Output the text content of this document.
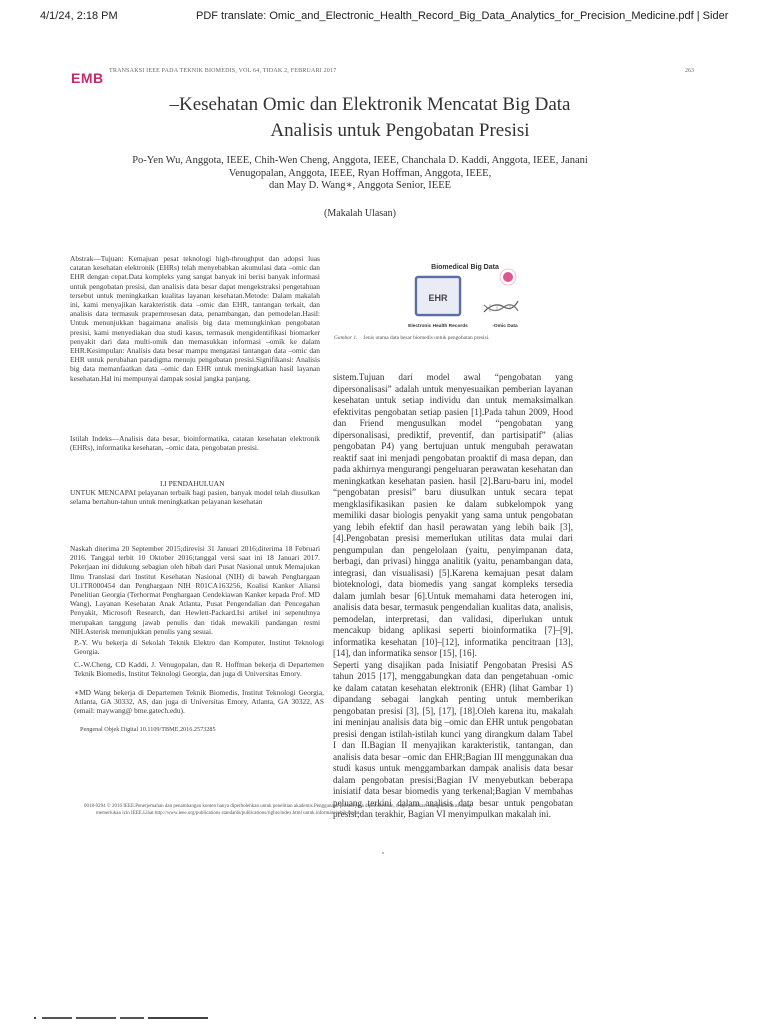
4/1/24, 2:18 PM	PDF translate: Omic_and_Electronic_Health_Record_Big_Data_Analytics_for_Precision_Medicine.pdf | Sider
EMB TRANSAKSI IEEE PADA TEKNIK BIOMEDIS, VOL 64, TIDAK 2, FEBRUARI 2017	263
–Kesehatan Omic dan Elektronik Mencatat Big Data
Analisis untuk Pengobatan Presisi
Po-Yen Wu, Anggota, IEEE, Chih-Wen Cheng, Anggota, IEEE, Chanchala D. Kaddi, Anggota, IEEE, Janani
Venugopalan, Anggota, IEEE, Ryan Hoffman, Anggota, IEEE,
dan May D. Wang∗, Anggota Senior, IEEE
(Makalah Ulasan)
Abstrak—Tujuan: Kemajuan pesat teknologi high-throughput dan adopsi luas catatan kesehatan elektronik (EHRs) telah menyebabkan akumulasi data –omic dan EHR dengan cepat.Data kompleks yang sangat banyak ini berisi banyak informasi untuk pengobatan presisi, dan analisis data besar dapat mengekstraksi pengetahuan tersebut untuk meningkatkan kualitas layanan kesehatan.Metode: Dalam makalah ini, kami menyajikan karakteristik data –omic dan EHR, tantangan terkait, dan analisis data termasuk prapemrosesan data, penambangan, dan pemodelan.Hasil: Untuk menunjukkan bagaimana analisis big data memungkinkan pengobatan presisi, kami menyediakan dua studi kasus, termasuk mengidentifikasi biomarker penyakit dari data multi-omik dan memasukkan informasi –omik ke dalam EHR.Kesimpulan: Analisis data besar mampu mengatasi tantangan data –omic dan EHR untuk perubahan paradigma menuju pengobatan presisi.Signifikansi: Analisis big data memanfaatkan data –omic dan EHR untuk meningkatkan hasil layanan kesehatan.Hal ini mempunyai dampak sosial jangka panjang.
Istilah Indeks—Analisis data besar, bioinformatika, catatan kesehatan elektronik (EHRs), informatika kesehatan, –omic data, pengobatan presisi.
I.I PENDAHULUAN
UNTUK MENCAPAI pelayanan terbaik bagi pasien, banyak model telah diusulkan selama bertahun-tahun untuk meningkatkan pelayanan kesehatan
Naskah diterima 20 September 2015;direvisi 31 Januari 2016;diterima 18 Februari 2016. Tanggal terbit 10 Oktober 2016;tanggal versi saat ini 18 Januari 2017. Pekerjaan ini didukung sebagian oleh hibah dari Pusat Nasional untuk Memajukan Ilmu Translasi dari Institut Kesehatan Nasional (NIH) di bawah Penghargaan UL1TR000454 dan Penghargaan NIH R01CA163256, Koalisi Kanker Aliansi Penelitian Georgia (Terhormat Penghargaan Cendekiawan Kanker kepada Prof. MD Wang), Layanan Kesehatan Anak Atlanta, Pusat Pengendalian dan Pencegahan Penyakit, Microsoft Research, dan Hewlett-Packard.Isi artikel ini sepenuhnya merupakan tanggung jawab penulis dan tidak mewakili pandangan resmi NIH.Asterisk menunjukkan penulis yang sesuai.
P.-Y. Wu bekerja di Sekolah Teknik Elektro dan Komputer, Institut Teknologi Georgia.
C.-W.Cheng, CD Kaddi, J. Venugopalan, dan R. Hoffman bekerja di Departemen Teknik Biomedis, Institut Teknologi Georgia, dan juga di Universitas Emory.
∗MD Wang bekerja di Departemen Teknik Biomedis, Institut Teknologi Georgia, Atlanta, GA 30332, AS, dan juga di Universitas Emory, Atlanta, GA 30322, AS (email: maywang@ bme.gatech.edu).
Pengenal Objek Digital 10.1109/TBME.2016.2573285
Biomedical Big Data
EHR
Electronic Health Records	-Omic Data
Gambar 1. Jenis utama data besar biomedis untuk pengobatan presisi.

sistem.Tujuan dari model awal “pengobatan yang dipersonalisasi” adalah untuk menyesuaikan pemberian layanan kesehatan untuk setiap individu dan untuk memaksimalkan efektivitas pengobatan setiap pasien [1].Pada tahun 2009, Hood dan Friend mengusulkan model “pengobatan yang dipersonalisasi, prediktif, preventif, dan partisipatif” (alias pengobatan P4) yang bertujuan untuk mengubah perawatan reaktif saat ini menjadi pengobatan proaktif di masa depan, dan pada akhirnya mengurangi pengeluaran perawatan kesehatan dan meningkatkan kesehatan pasien. hasil [2].Baru-baru ini, model “pengobatan presisi” baru diusulkan untuk secara tepat mengklasifikasikan pasien ke dalam subkelompok yang memiliki dasar biologis penyakit yang sama untuk pengobatan yang lebih efektif dan hasil perawatan yang lebih baik [3], [4].Pengobatan presisi memerlukan utilitas data mulai dari pengumpulan dan pengelolaan (yaitu, penyimpanan data, berbagi, dan privasi) hingga analitik (yaitu, penambangan data, integrasi, dan visualisasi) [5].Karena kemajuan pesat dalam bioteknologi, data biomedis yang sangat kompleks tersedia dalam jumlah besar [6].Untuk memahami data heterogen ini, analisis data besar, termasuk pengendalian kualitas data, analisis, pemodelan, interpretasi, dan validasi, diperlukan untuk mencakup bidang aplikasi seperti bioinformatika [7]–[9], informatika kesehatan [10]–[12], informatika pencitraan [13], [14], dan informatika sensor [15], [16].

Seperti yang disajikan pada Inisiatif Pengobatan Presisi AS tahun 2015 [17], menggabungkan data dan pengetahuan -omic ke dalam catatan kesehatan elektronik (EHR) (lihat Gambar 1) dipandang sebagai langkah penting untuk memberikan pengobatan presisi [3], [5], [17], [18].Oleh karena itu, makalah ini meninjau analisis data big –omic dan EHR untuk pengobatan presisi dengan istilah-istilah kunci yang dirangkum dalam Tabel I dan II.Bagian II menyajikan karakteristik, tantangan, dan analisis data besar –omic dan EHR;Bagian III menggunakan dua studi kasus untuk menggambarkan dampak analisis data besar dalam pengobatan presisi;Bagian IV menyebutkan beberapa inisiatif data besar biomedis yang terkenal;Bagian V membahas peluang terkini dalam analisis data besar untuk pengobatan presisi;dan terakhir, Bagian VI menyimpulkan makalah ini.

0018-9294 © 2016 IEEE.Penerjemahan dan penambangan konten hanya diperbolehkan untuk penelitian akademis.Penggunaan pribadi juga diperbolehkan, tetapi publikasi ulang/distribusi ulang
memerlukan izin IEEE.Lihat http://www.ieee.org/publications standards/publications/rights/index.html untuk informasi lebih lanjut.
